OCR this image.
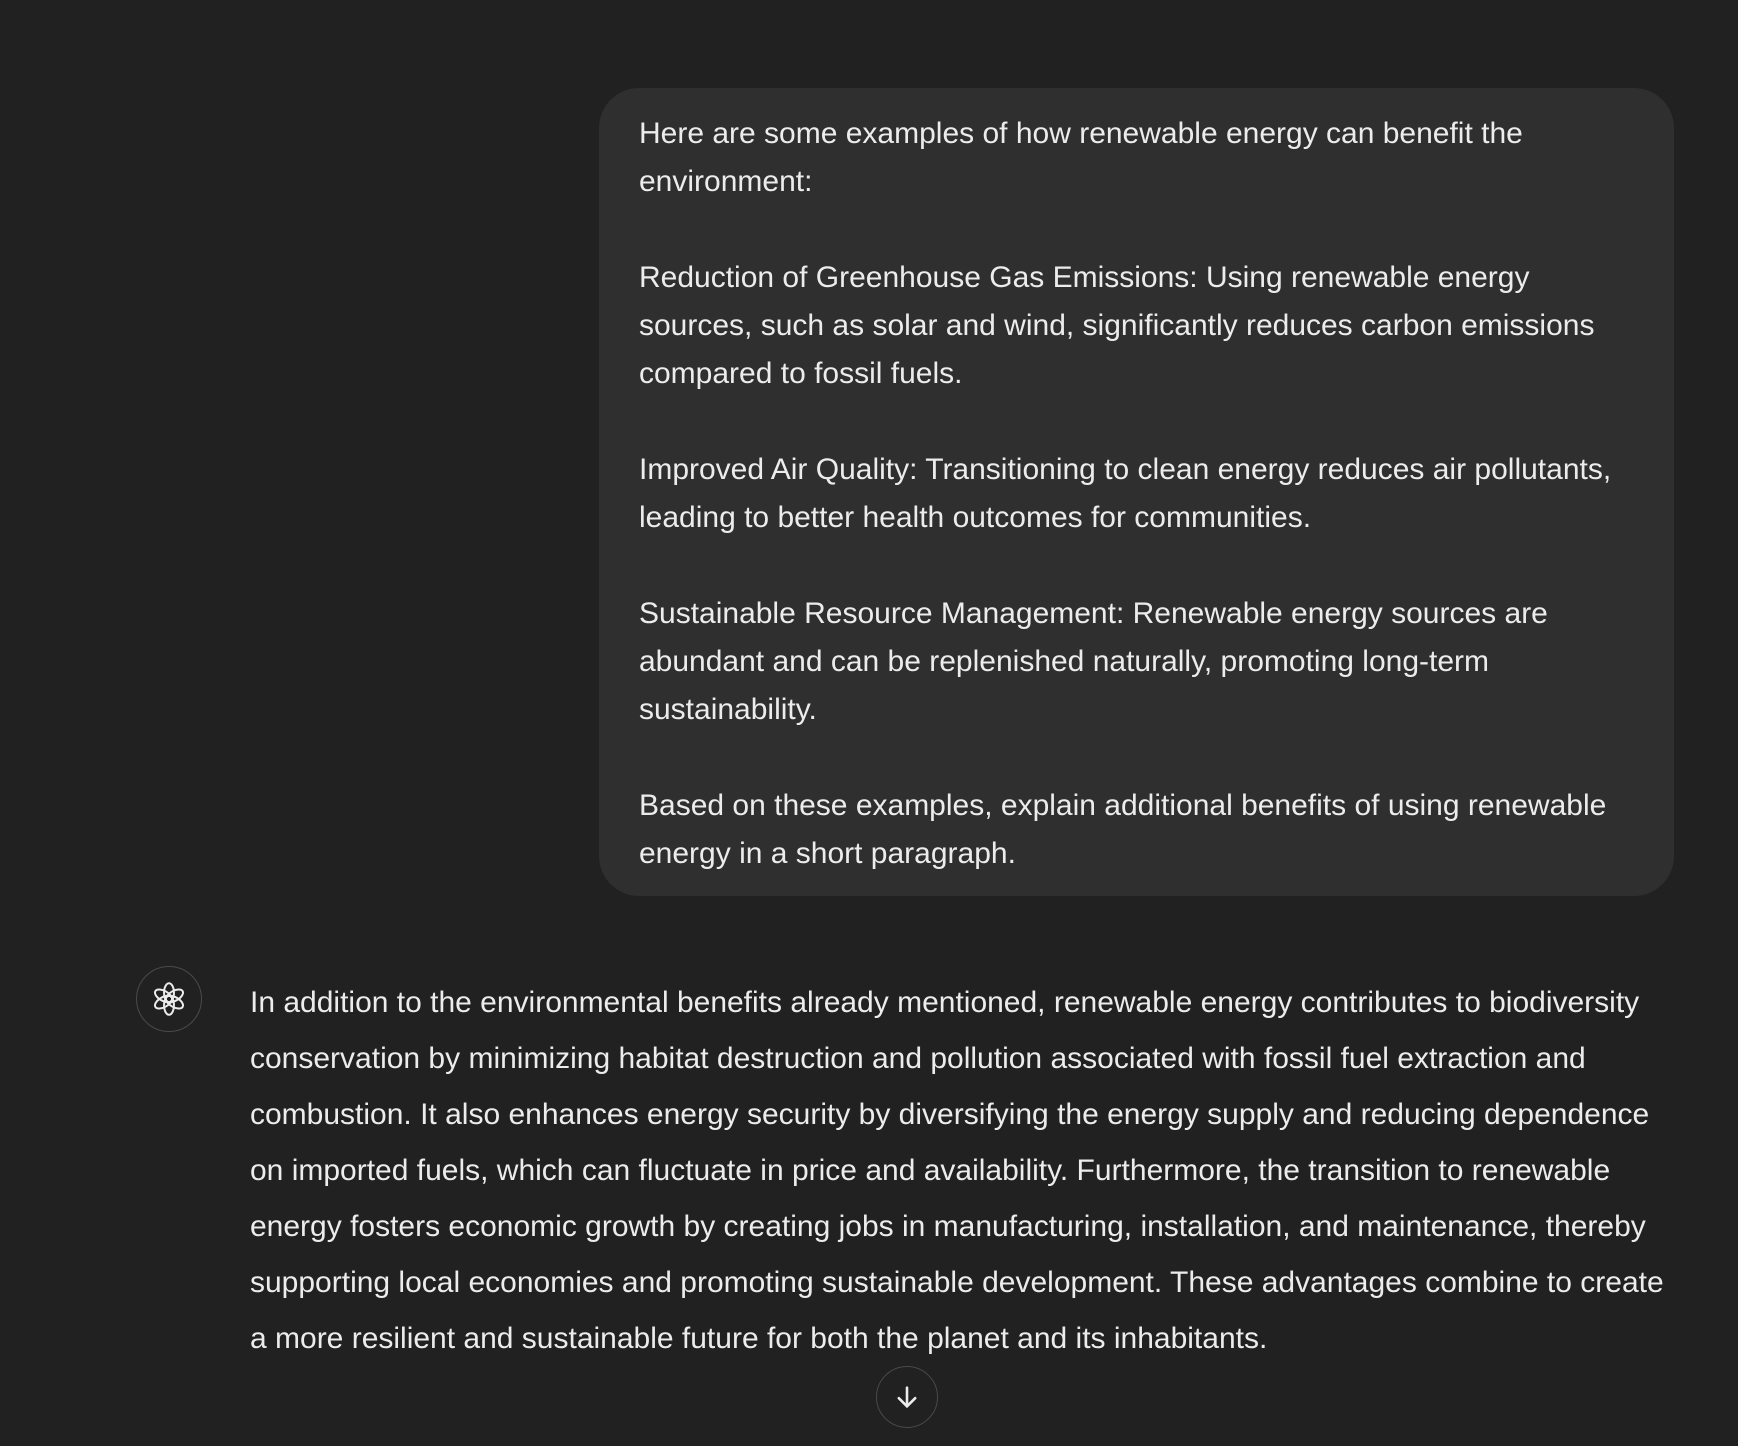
Here are some examples of how renewable energy can benefit the environment:

Reduction of Greenhouse Gas Emissions: Using renewable energy sources, such as solar and wind, significantly reduces carbon emissions compared to fossil fuels.

Improved Air Quality: Transitioning to clean energy reduces air pollutants, leading to better health outcomes for communities.

Sustainable Resource Management: Renewable energy sources are abundant and can be replenished naturally, promoting long-term sustainability.

Based on these examples, explain additional benefits of using renewable energy in a short paragraph.

In addition to the environmental benefits already mentioned, renewable energy contributes to biodiversity conservation by minimizing habitat destruction and pollution associated with fossil fuel extraction and combustion. It also enhances energy security by diversifying the energy supply and reducing dependence on imported fuels, which can fluctuate in price and availability. Furthermore, the transition to renewable energy fosters economic growth by creating jobs in manufacturing, installation, and maintenance, thereby supporting local economies and promoting sustainable development. These advantages combine to create a more resilient and sustainable future for both the planet and its inhabitants.
